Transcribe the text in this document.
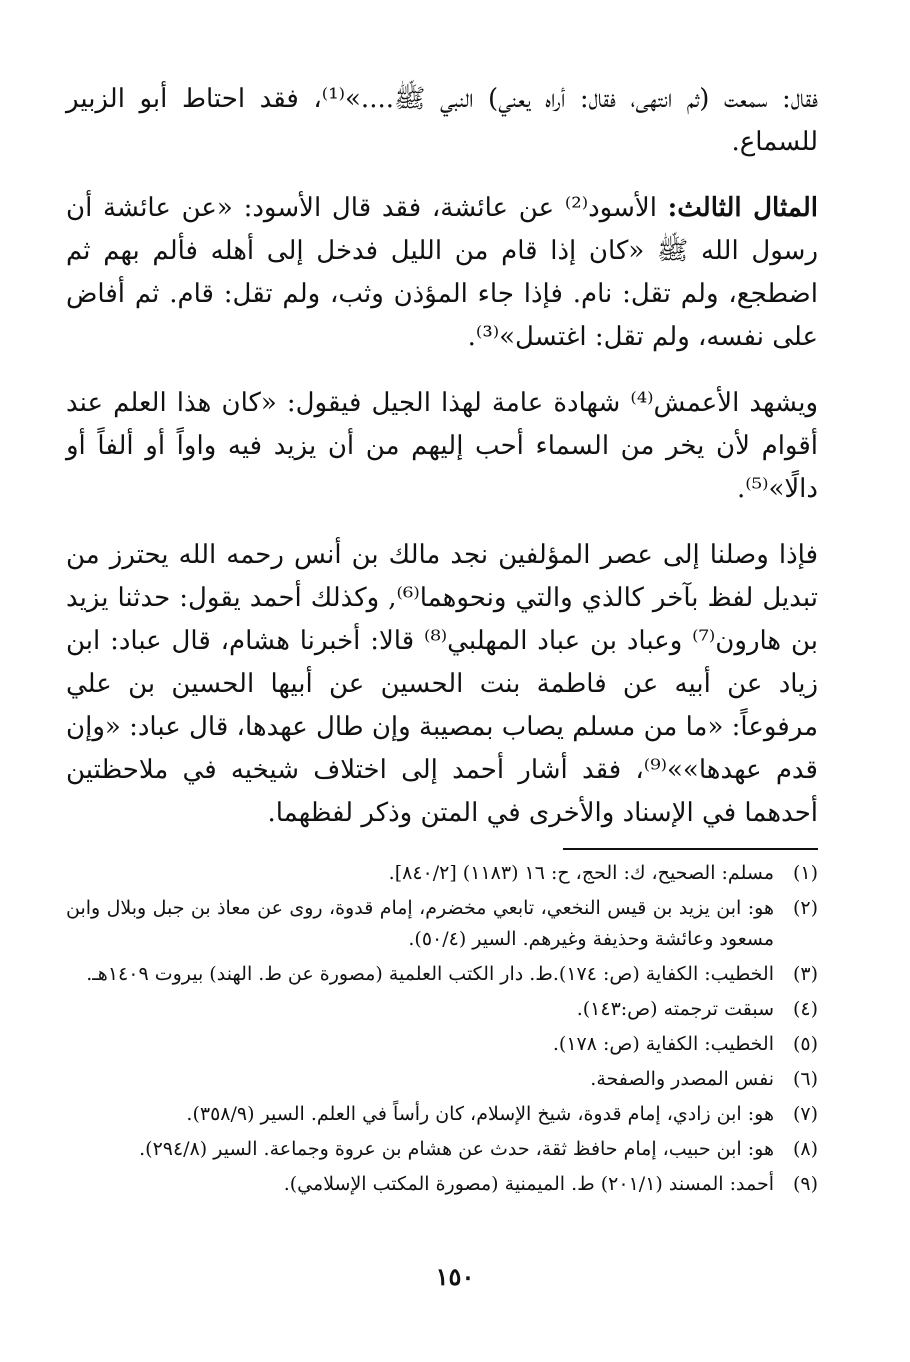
فقال: سمعت (ثم انتهى، فقال: أراه يعني) النبي ﷺ....»⁽¹⁾، فقد احتاط أبو الزبير للسماع.

المثال الثالث: الأسود⁽²⁾ عن عائشة، فقد قال الأسود: «عن عائشة أن رسول الله ﷺ «كان إذا قام من الليل فدخل إلى أهله فألم بهم ثم اضطجع، ولم تقل: نام. فإذا جاء المؤذن وثب، ولم تقل: قام. ثم أفاض على نفسه، ولم تقل: اغتسل»⁽³⁾.

ويشهد الأعمش⁽⁴⁾ شهادة عامة لهذا الجيل فيقول: «كان هذا العلم عند أقوام لأن يخر من السماء أحب إليهم من أن يزيد فيه واواً أو ألفاً أو دالًا»⁽⁵⁾.

فإذا وصلنا إلى عصر المؤلفين نجد مالك بن أنس رحمه الله يحترز من تبديل لفظ بآخر كالذي والتي ونحوهما⁽⁶⁾, وكذلك أحمد يقول: حدثنا يزيد بن هارون⁽⁷⁾ وعباد بن عباد المهلبي⁽⁸⁾ قالا: أخبرنا هشام، قال عباد: ابن زياد عن أبيه عن فاطمة بنت الحسين عن أبيها الحسين بن علي مرفوعاً: «ما من مسلم يصاب بمصيبة وإن طال عهدها، قال عباد: «وإن قدم عهدها»»⁽⁹⁾، فقد أشار أحمد إلى اختلاف شيخيه في ملاحظتين أحدهما في الإسناد والأخرى في المتن وذكر لفظهما.

(١)
مسلم: الصحيح، ك: الحج، ح: ١٦ (١١٨٣) [٨٤٠/٢].
(٢)
هو: ابن يزيد بن قيس النخعي، تابعي مخضرم، إمام قدوة، روى عن معاذ بن جبل وبلال وابن مسعود وعائشة وحذيفة وغيرهم. السير (٥٠/٤).
(٣)
الخطيب: الكفاية (ص: ١٧٤).ط. دار الكتب العلمية (مصورة عن ط. الهند) بيروت ١٤٠٩هـ.
(٤)
سبقت ترجمته (ص:١٤٣).
(٥)
الخطيب: الكفاية (ص: ١٧٨).
(٦)
نفس المصدر والصفحة.
(٧)
هو: ابن زادي، إمام قدوة، شيخ الإسلام، كان رأساً في العلم. السير (٣٥٨/٩).
(٨)
هو: ابن حبيب، إمام حافظ ثقة، حدث عن هشام بن عروة وجماعة. السير (٢٩٤/٨).
(٩)
أحمد: المسند (٢٠١/١) ط. الميمنية (مصورة المكتب الإسلامي).
١٥٠
